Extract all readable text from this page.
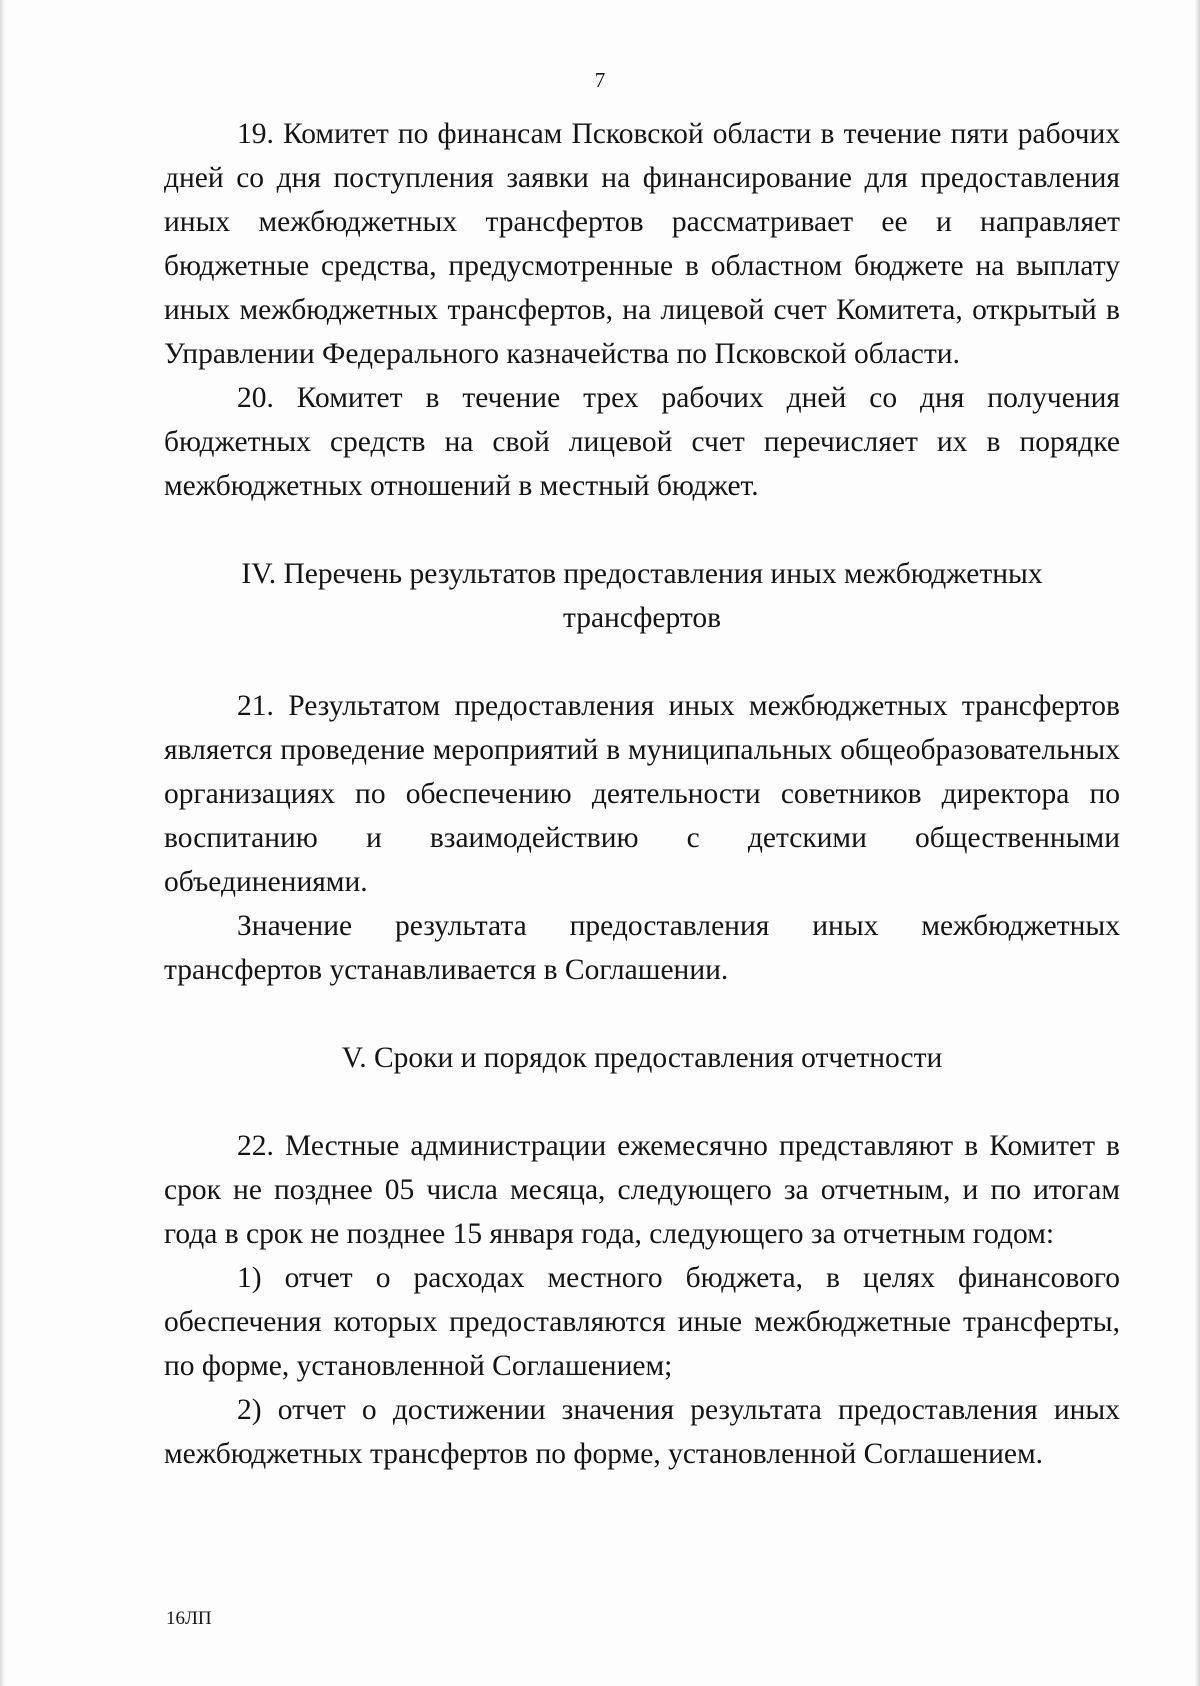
7

19. Комитет по финансам Псковской области в течение пяти рабочих дней со дня поступления заявки на финансирование для предоставления иных межбюджетных трансфертов рассматривает ее и направляет бюджетные средства, предусмотренные в областном бюджете на выплату иных межбюджетных трансфертов, на лицевой счет Комитета, открытый в Управлении Федерального казначейства по Псковской области.

20. Комитет в течение трех рабочих дней со дня получения бюджетных средств на свой лицевой счет перечисляет их в порядке межбюджетных отношений в местный бюджет.

IV. Перечень результатов предоставления иных межбюджетных

трансфертов

21. Результатом предоставления иных межбюджетных трансфертов является проведение мероприятий в муниципальных общеобразовательных организациях по обеспечению деятельности советников директора по воспитанию и взаимодействию с детскими общественными объединениями.

Значение результата предоставления иных межбюджетных трансфертов устанавливается в Соглашении.

V. Сроки и порядок предоставления отчетности

22. Местные администрации ежемесячно представляют в Комитет в срок не позднее 05 числа месяца, следующего за отчетным, и по итогам года в срок не позднее 15 января года, следующего за отчетным годом:

1) отчет о расходах местного бюджета, в целях финансового обеспечения которых предоставляются иные межбюджетные трансферты, по форме, установленной Соглашением;

2) отчет о достижении значения результата предоставления иных межбюджетных трансфертов по форме, установленной Соглашением.

16ЛП
